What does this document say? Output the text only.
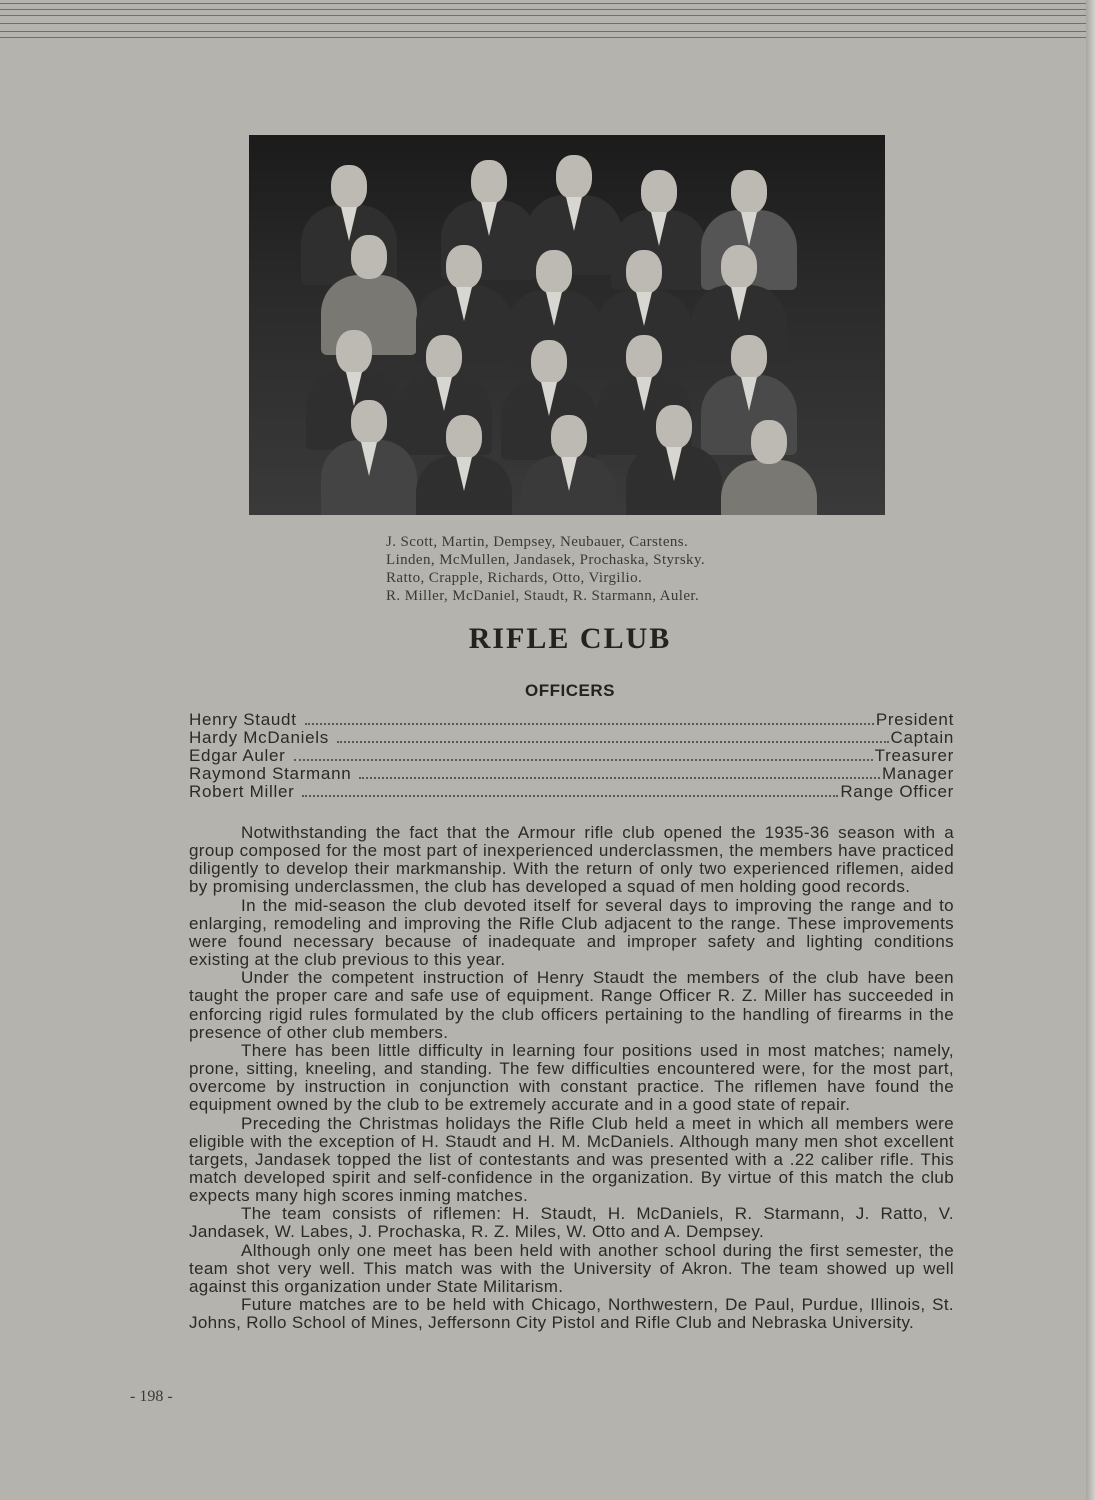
J. Scott, Martin, Dempsey, Neubauer, Carstens.
Linden, McMullen, Jandasek, Prochaska, Styrsky.
Ratto, Crapple, Richards, Otto, Virgilio.
R. Miller, McDaniel, Staudt, R. Starmann, Auler.
RIFLE CLUB
OFFICERS
Henry Staudt	President
Hardy McDaniels	Captain
Edgar Auler	Treasurer
Raymond Starmann	Manager
Robert Miller	Range Officer

Notwithstanding the fact that the Armour rifle club opened the 1935-36 season with a group composed for the most part of inexperienced underclassmen, the members have practiced diligently to develop their markmanship. With the return of only two experienced riflemen, aided by promising underclassmen, the club has developed a squad of men holding good records.

In the mid-season the club devoted itself for several days to improving the range and to enlarging, remodeling and improving the Rifle Club adjacent to the range. These improvements were found necessary because of inadequate and improper safety and lighting conditions existing at the club previous to this year.

Under the competent instruction of Henry Staudt the members of the club have been taught the proper care and safe use of equipment. Range Officer R. Z. Miller has succeeded in enforcing rigid rules formulated by the club officers pertaining to the handling of firearms in the presence of other club members.

There has been little difficulty in learning four positions used in most matches; namely, prone, sitting, kneeling, and standing. The few difficulties encountered were, for the most part, overcome by instruction in conjunction with constant practice. The riflemen have found the equipment owned by the club to be extremely accurate and in a good state of repair.

Preceding the Christmas holidays the Rifle Club held a meet in which all members were eligible with the exception of H. Staudt and H. M. McDaniels. Although many men shot excellent targets, Jandasek topped the list of contestants and was presented with a .22 caliber rifle. This match developed spirit and self-confidence in the organization. By virtue of this match the club expects many high scores inming matches.

The team consists of riflemen: H. Staudt, H. McDaniels, R. Starmann, J. Ratto, V. Jandasek, W. Labes, J. Prochaska, R. Z. Miles, W. Otto and A. Dempsey.

Although only one meet has been held with another school during the first semester, the team shot very well. This match was with the University of Akron. The team showed up well against this organization under State Militarism.

Future matches are to be held with Chicago, Northwestern, De Paul, Purdue, Illinois, St. Johns, Rollo School of Mines, Jeffersonn City Pistol and Rifle Club and Nebraska University.

- 198 -
